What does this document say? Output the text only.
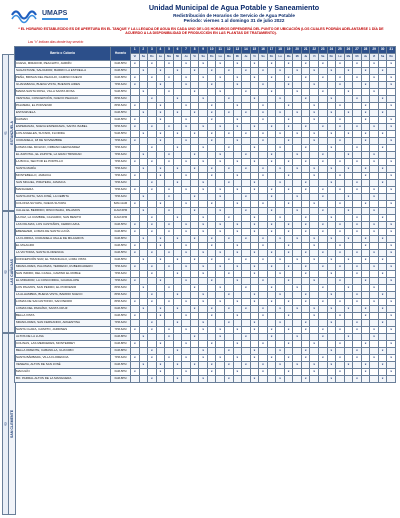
UMAPS
Unidad Municipal de Agua Potable y Saneamiento
Redistribución de Horarios de Servicio de Agua Potable
Periodo: viernes 1 al domingo 31 de julio 2022
* EL HORARIO ESTABLECIDO ES DE APERTURA EN EL TANQUE Y LA LLEGADA DE AGUA EN CADA UNO DE LOS HORARIOS DEPENDERÁ DEL PUNTO DE UBICACIÓN (LOS CUALES PODRÁN ADELANTARSE 1 DÍA DE ACUERDO A LA DISPONIBILIDAD DE PRODUCCIÓN EN LAS PLANTAS DE TRATAMIENTO).
Las "x" indican días donde hay servicio
01 ESTANZUELA
02 LAS CAÑADAS
03 SAN CLEMENTE
Barrio o Colonia	Horario	1	2	3	4	5	6	7	8	9	10	11	12	13	14	15	16	17	18	19	20	21	22	23	24	25	26	27	28	29	30	31
		Vi	Sa	Do	Lu	Ma	Mi	Ju	Vi	Sa	Do	Lu	Ma	Mi	Ju	Vi	Sa	Do	Lu	Ma	Mi	Ju	Vi	Sa	Do	Lu	Ma	Mi	Ju	Vi	Sa	Do
CUEVA, MIRADOR, PEACHITO, JARDÍN	6AM-5PM	x		x		x		x		x		x		x		x		x		x		x		x		x		x		x		x
SAGASTUME, SALVADOR, BARRIO LA ESTRELLA	6AM-5PM		x		x		x		x		x		x		x		x		x		x		x		x		x		x		x	
PEÑA, BRISAS DEL PEACHO, CAMINO NUEVO	6AM-5PM	x		x		x		x		x		x		x		x		x		x		x		x		x		x		x		x
GUANABANA, BUENA VISTA, BUENOS AIRES	7PM-6AM	x			x			x			x			x			x			x			x			x			x			x
MARIA SANTA ROSA, VILLA SANTA ROSA	5AM-5PM		x			x			x			x			x			x			x			x			x			x		
VENTANA, CONCEPCIÓN, NUEVO PEACHO	8PM-5AM			x			x			x			x			x			x			x			x			x			x	
PALMERA, EL PORVENIR	8PM-5AM	x			x			x			x			x			x			x			x			x			x			x
ESTANZUELA	6AM-5PM		x		x		x		x		x		x		x		x		x		x		x		x		x		x		x	
CAIMAN	6AM-5PM	x			x			x			x			x			x			x			x			x			x			x
ESPERANZA, NUEVA ESPERANZA, SANTA ISABEL	5PM-5AM	x		x		x		x		x		x		x		x		x		x		x		x		x		x		x		x
LOS ANGELES, SUYAPA, FLORIDA	5AM-5PM		x		x		x		x		x		x		x		x		x		x		x		x		x		x		x	
CIUDADELA, 18 DE NOVIEMBRE	7PM-6AM	x			x			x			x			x			x			x			x			x			x			x
LOMAS DEL MOLINO, ORBANO HERNANDEZ	7PM-6AM			x			x			x			x			x			x			x			x			x			x	
EL ZAPOTAL, EL ZAPOTE, LA GRAN TRINIDAD	7PM-6AM		x			x			x			x			x			x			x			x			x			x		
LA BOCA, SECTOR EL PORTILLO	7PM-6AM	x		x		x		x		x		x		x		x		x		x		x		x		x		x		x		x
SANTA MARÍA	7PM-6AM		x		x		x		x		x		x		x		x		x		x		x		x		x		x		x	
MONTEBELLO, JAMAICA	7PM-6AM	x			x			x			x			x			x			x			x			x			x			x
SAN MIGUEL, PIRATERA, JAMAICA	7PM-6AM			x			x			x			x			x			x			x			x			x			x	
MANGUERA	7PM-6AM	x		x		x		x		x		x		x		x		x		x		x		x		x		x		x		x
SANTA ANITA, SAN JOSÉ, LA CEIBITA	7PM-6AM		x			x			x			x			x			x			x			x			x			x		
COLONIA SUYAPA, NUEVA SUYAPA	8AM-11AM	x			x			x			x			x			x			x			x			x			x			x
CALLE EL BERRIDO, RINCONADA, PALAMOS	11AM-6PM		x			x			x			x			x			x			x			x			x			x		
LA PAZ, LA CUMBRE, CALVARIO, SAN BENITO	11AM-6PM			x			x			x			x			x			x			x			x			x			x	
LAS PALMAS, LOS CASTAÑOS, CERRO AZUL	6AM-5PM	x		x		x		x		x		x		x		x		x		x		x		x		x		x		x		x
EBENEZER, LOMAS DE SANTA LUCÍA	6AM-8PM	x		x		x		x		x		x		x		x		x		x		x		x		x		x		x		x
LA FLORIDA, CIUDADELA VALLE DE MILAGROS	6AM-8PM		x		x		x		x		x		x		x		x		x		x		x		x		x		x		x	
EL MILAGRO	6AM-5PM	x			x			x			x			x			x			x			x			x			x			x
LA VICTORIA, SANTA FLORENCIA	6AM-5PM	x		x		x		x		x		x		x		x		x		x		x		x		x		x		x		x
CONCEPCIÓN SUR, EL TRIANGULO, LOMA VISTA	6AM-5PM		x		x		x		x		x		x		x		x		x		x		x		x		x		x		x	
MIRAFLORES, PALOMAS, TERRENO, RUBERCADERO	7PM-6AM	x		x		x		x		x		x		x		x		x		x		x		x		x		x		x		x
SAN ISIDRO, DEL CANAL, CAMINO EL ROBLE	7PM-6AM			x			x			x			x			x			x			x			x			x			x	
EL MIRADOR, LA CONCORDIA, GUADALUPE	7PM-6AM	x			x			x			x			x			x			x			x			x			x			x
LOS PALMOS, SAN PEDRO, EL PORVENIR	8PM-5AM		x			x			x			x			x			x			x			x			x			x		
LA ALHAMBRA, BUENA VISTA, BARRIO NUEVO	8PM-5AM			x			x			x			x			x			x			x			x			x			x	
LOMAS DE SAN ANTONIO, SAN PEDRO	8PM-5AM	x		x		x		x		x		x		x		x		x		x		x		x		x		x		x		x
LOMAS DEL PARAÍSO, SANTA CRUZ	6AM-5PM		x		x		x		x		x		x		x		x		x		x		x		x		x		x		x	
BELLA VISTA	6AM-5PM	x			x			x			x			x			x			x			x			x			x			x
MIRAFLORES, SAN FERNANDO, ARGENTINA	7PM-6AM			x			x			x			x			x			x			x			x			x			x	
SANTA CLARA, CAIMITO, JARDINES	7PM-6AM	x		x		x		x		x		x		x		x		x		x		x		x		x		x		x		x
ALTOS DE LA LUNA	6AM-8PM		x			x			x			x			x			x			x			x			x			x		
COLINAS, LAS MERCEDES, MONTERREY	6AM-8PM	x			x			x			x			x			x			x			x			x			x			x
BELLA ORIENTE, CABANILLA, GUAYABO	6AM-8PM			x			x			x			x			x			x			x			x			x			x	
SANTA BÁRBARA, VILLA FLORENCIA	7PM-6AM	x		x		x		x		x		x		x		x		x		x		x		x		x		x		x		x
VENEZIA, ALTOS DE SAN JOSÉ	6AM-5PM		x		x		x		x		x		x		x		x		x		x		x		x		x		x		x	
MACULÍN	6AM-5PM	x			x			x			x			x			x			x			x			x			x			x
BO. PARRAL ALTOS DE LA MANGUERA	6AM-8PM			x			x			x			x			x			x			x			x			x			x	
